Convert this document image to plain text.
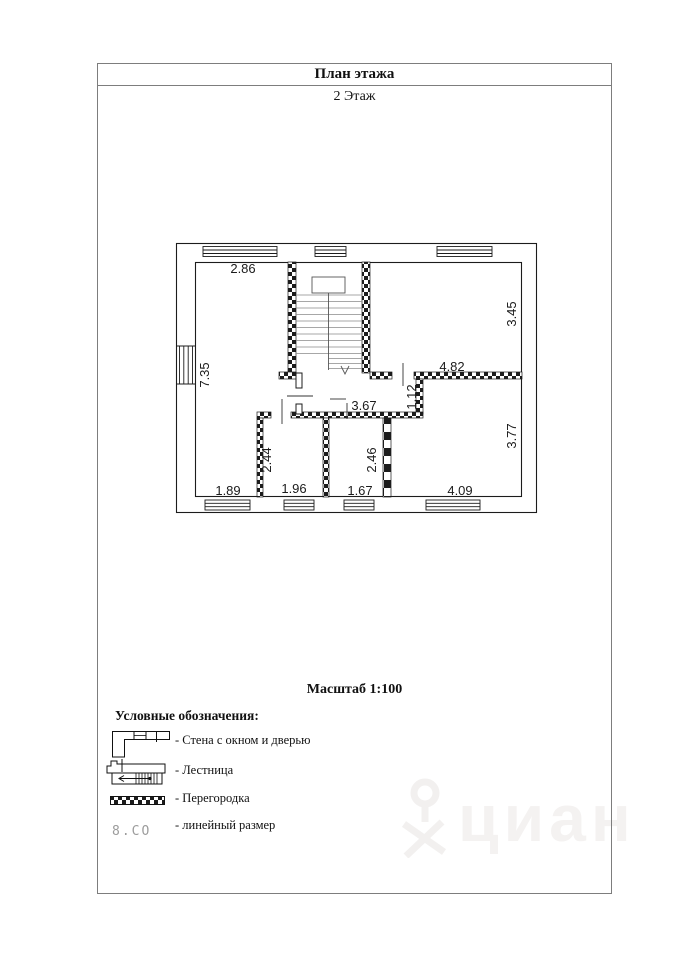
циан
План этажа
2 Этаж
2.86
3.45
7.35	4.82
1.12
3.67
2.44	2.46
3.77
1.89	1.96	1.67	4.09
Масштаб 1:100
Условные обозначения:
- Стена с окном и дверью
- Лестница
- Перегородка
8.CO - линейный размер
